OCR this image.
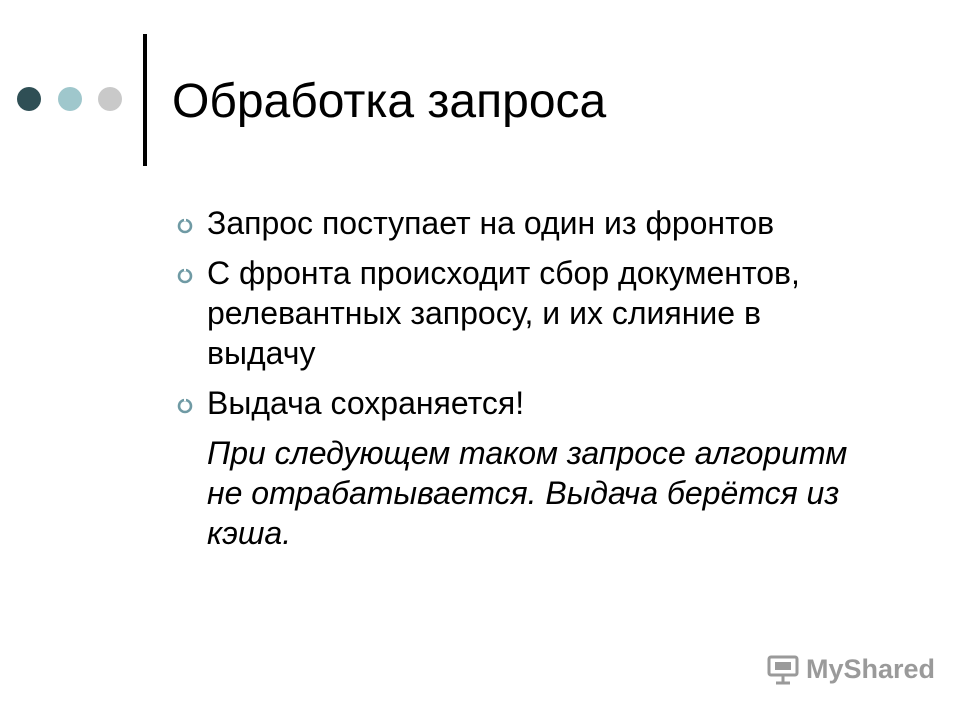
Обработка запроса
Запрос поступает на один из фронтов
С фронта происходит сбор документов, релевантных запросу, и их слияние в выдачу
Выдача сохраняется!
При следующем таком запросе алгоритм не отрабатывается. Выдача берётся из кэша.
MyShared
